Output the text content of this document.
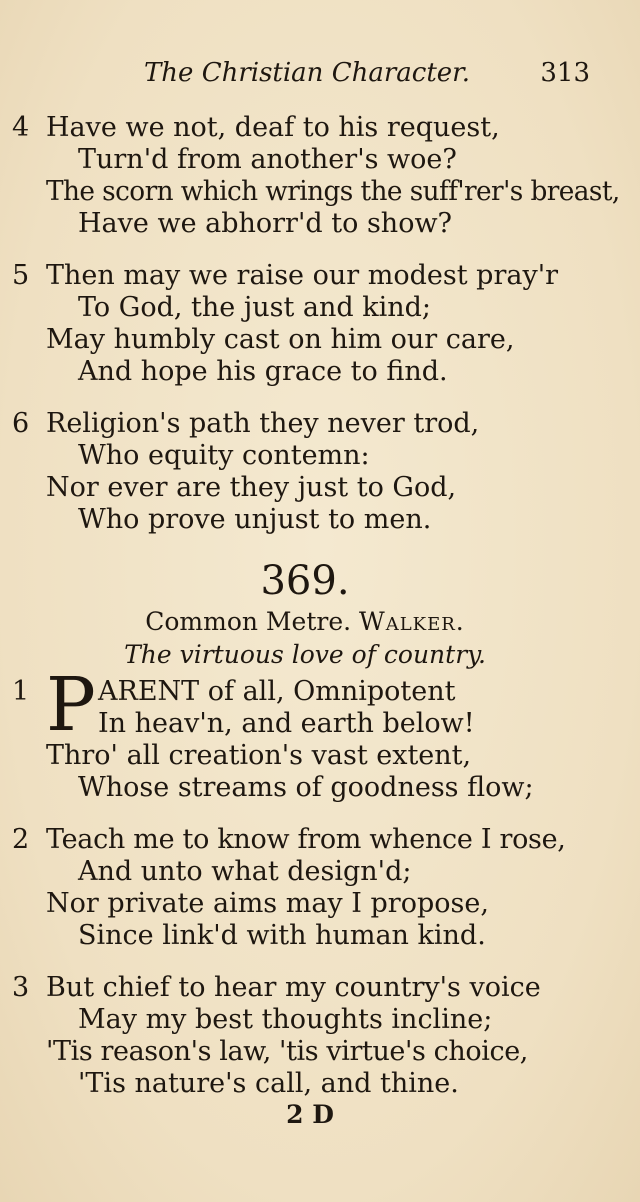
The Christian Character.	313
4 Have we not, deaf to his request,
Turn'd from another's woe?
The scorn which wrings the suff'rer's breast,
Have we abhorr'd to show?
5 Then may we raise our modest pray'r
To God, the just and kind;
May humbly cast on him our care,
And hope his grace to find.
6 Religion's path they never trod,
Who equity contemn:
Nor ever are they just to God,
Who prove unjust to men.
369.
Common Metre. Walker.
The virtuous love of country.
P
1	ARENT of all, Omnipotent
In heav'n, and earth below!
Thro' all creation's vast extent,
Whose streams of goodness flow;
2 Teach me to know from whence I rose,
And unto what design'd;
Nor private aims may I propose,
Since link'd with human kind.
3 But chief to hear my country's voice
May my best thoughts incline;
'Tis reason's law, 'tis virtue's choice,
'Tis nature's call, and thine.
2 D
